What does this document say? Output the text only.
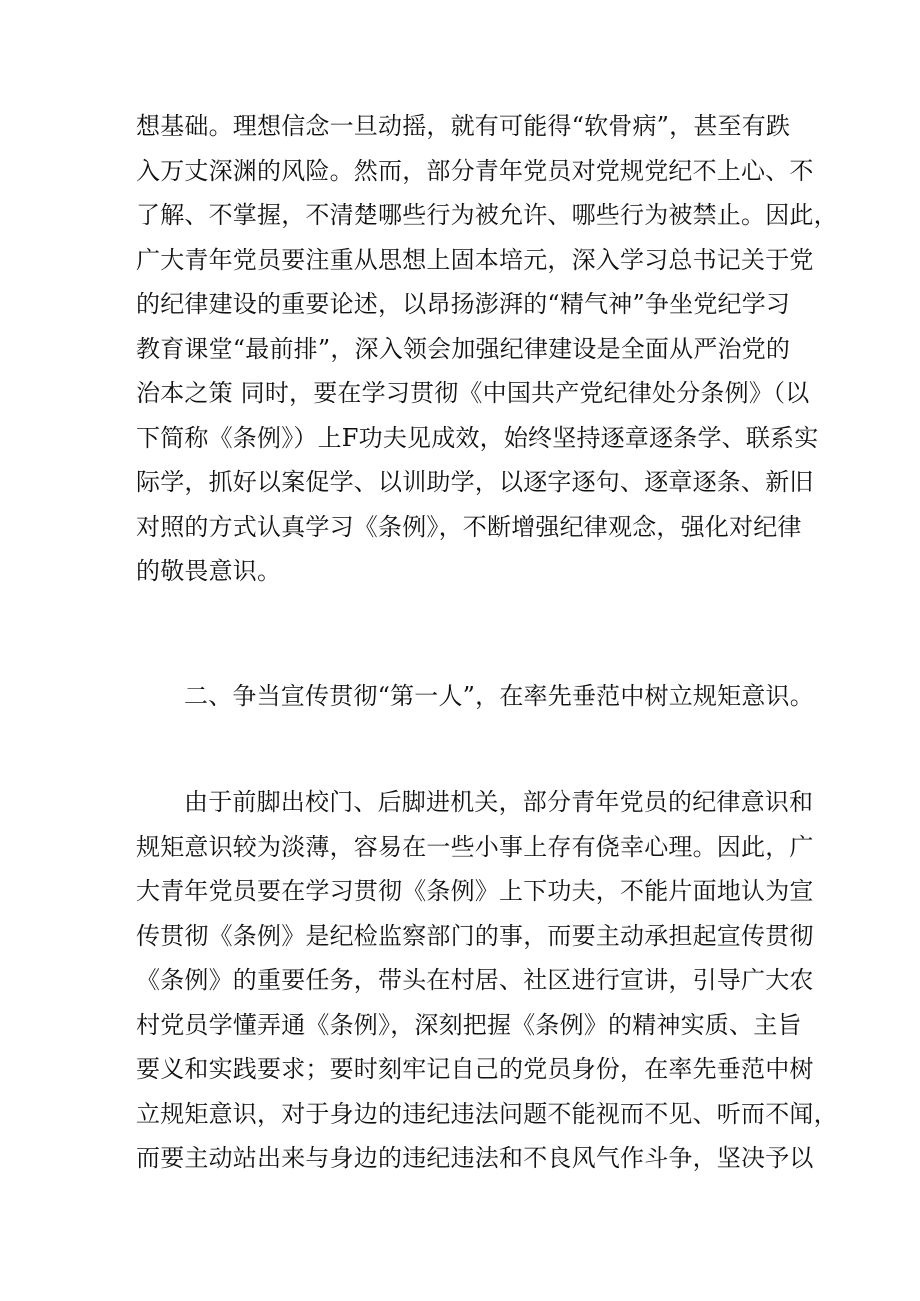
想基础。理想信念一旦动摇，就有可能得“软骨病”，甚至有跌
入万丈深渊的风险。然而，部分青年党员对党规党纪不上心、不
了解、不掌握，不清楚哪些行为被允许、哪些行为被禁止。因此，
广大青年党员要注重从思想上固本培元，深入学习总书记关于党
的纪律建设的重要论述，以昂扬澎湃的“精气神”争坐党纪学习
教育课堂“最前排”，深入领会加强纪律建设是全面从严治党的
治本之策 同时，要在学习贯彻《中国共产党纪律处分条例》（以
下简称《条例》）上F功夫见成效，始终坚持逐章逐条学、联系实
际学，抓好以案促学、以训助学，以逐字逐句、逐章逐条、新旧
对照的方式认真学习《条例》，不断增强纪律观念，强化对纪律
的敬畏意识。
二、争当宣传贯彻“第一人”，在率先垂范中树立规矩意识。
由于前脚出校门、后脚进机关，部分青年党员的纪律意识和
规矩意识较为淡薄，容易在一些小事上存有侥幸心理。因此，广
大青年党员要在学习贯彻《条例》上下功夫，不能片面地认为宣
传贯彻《条例》是纪检监察部门的事，而要主动承担起宣传贯彻
《条例》的重要任务，带头在村居、社区进行宣讲，引导广大农
村党员学懂弄通《条例》，深刻把握《条例》的精神实质、主旨
要义和实践要求；要时刻牢记自己的党员身份，在率先垂范中树
立规矩意识，对于身边的违纪违法问题不能视而不见、听而不闻，
而要主动站出来与身边的违纪违法和不良风气作斗争，坚决予以
